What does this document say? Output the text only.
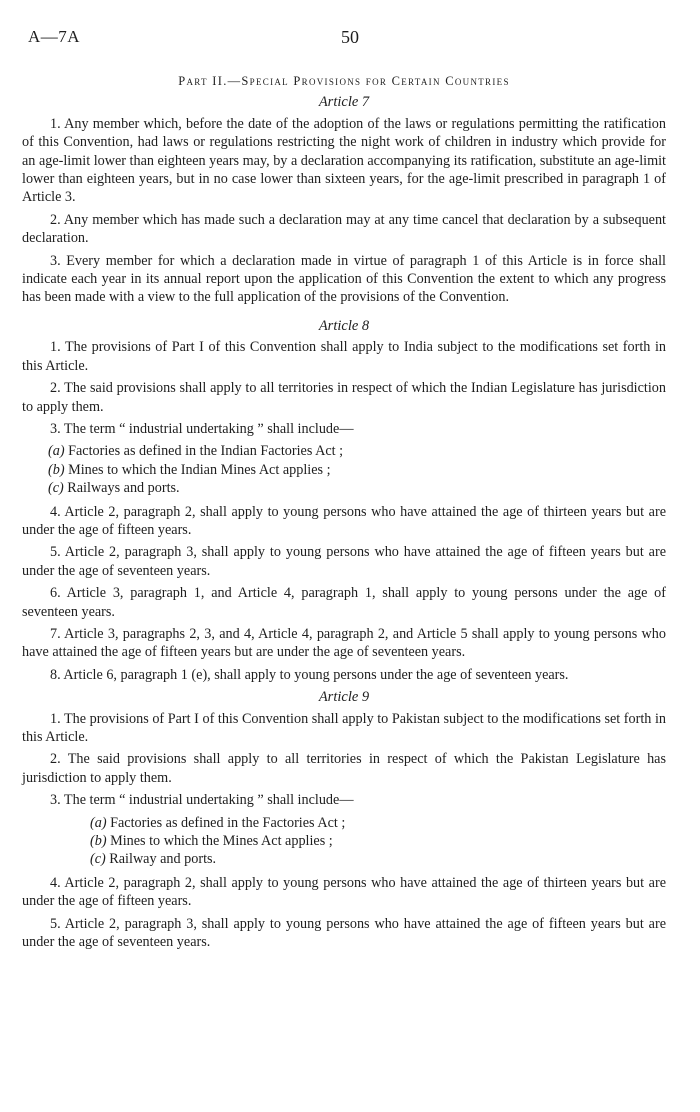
A—7A	50
Part II.—Special Provisions for Certain Countries
Article 7

1. Any member which, before the date of the adoption of the laws or regulations permitting the ratification of this Convention, had laws or regulations restricting the night work of children in industry which provide for an age-limit lower than eighteen years may, by a declaration accompanying its ratification, substitute an age-limit lower than eighteen years, but in no case lower than sixteen years, for the age-limit prescribed in paragraph 1 of Article 3.

2. Any member which has made such a declaration may at any time cancel that declaration by a subsequent declaration.

3. Every member for which a declaration made in virtue of paragraph 1 of this Article is in force shall indicate each year in its annual report upon the application of this Convention the extent to which any progress has been made with a view to the full application of the provisions of the Convention.

Article 8

1. The provisions of Part I of this Convention shall apply to India subject to the modifications set forth in this Article.

2. The said provisions shall apply to all territories in respect of which the Indian Legislature has jurisdiction to apply them.

3. The term “ industrial undertaking ” shall include—

(a) Factories as defined in the Indian Factories Act ;
(b) Mines to which the Indian Mines Act applies ;
(c) Railways and ports.

4. Article 2, paragraph 2, shall apply to young persons who have attained the age of thirteen years but are under the age of fifteen years.

5. Article 2, paragraph 3, shall apply to young persons who have attained the age of fifteen years but are under the age of seventeen years.

6. Article 3, paragraph 1, and Article 4, paragraph 1, shall apply to young persons under the age of seventeen years.

7. Article 3, paragraphs 2, 3, and 4, Article 4, paragraph 2, and Article 5 shall apply to young persons who have attained the age of fifteen years but are under the age of seventeen years.

8. Article 6, paragraph 1 (e), shall apply to young persons under the age of seventeen years.

Article 9

1. The provisions of Part I of this Convention shall apply to Pakistan subject to the modifications set forth in this Article.

2. The said provisions shall apply to all territories in respect of which the Pakistan Legislature has jurisdiction to apply them.

3. The term “ industrial undertaking ” shall include—

(a) Factories as defined in the Factories Act ;
(b) Mines to which the Mines Act applies ;
(c) Railway and ports.

4. Article 2, paragraph 2, shall apply to young persons who have attained the age of thirteen years but are under the age of fifteen years.

5. Article 2, paragraph 3, shall apply to young persons who have attained the age of fifteen years but are under the age of seventeen years.
